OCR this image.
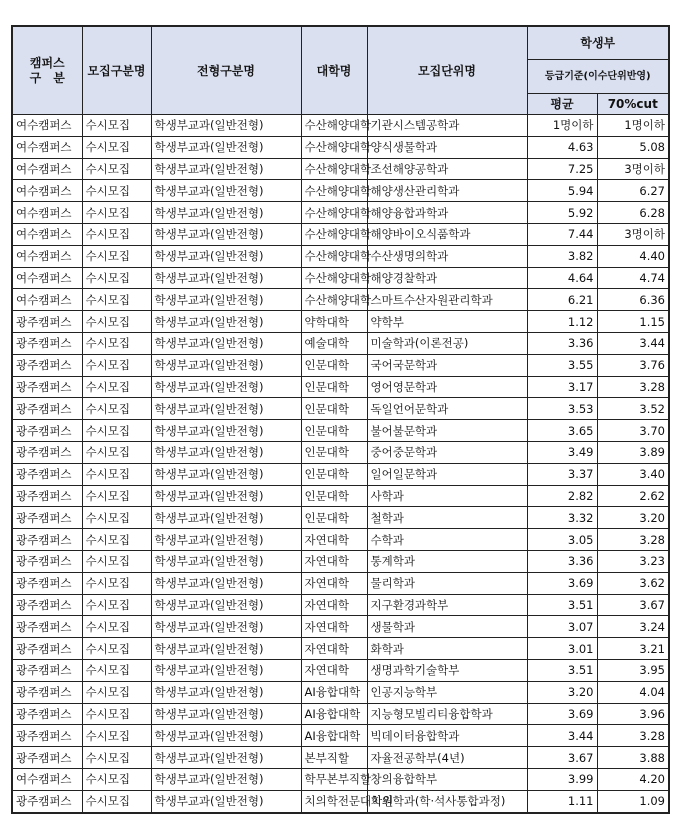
캠퍼스
구　분	모집구분명	전형구분명	대학명	모집단위명	학생부	
					등급기준(이수단위반영)	
					평균	70%cut
여수캠퍼스	수시모집	학생부교과(일반전형)	수산해양대학	기관시스템공학과	1명이하	1명이하
여수캠퍼스	수시모집	학생부교과(일반전형)	수산해양대학	양식생물학과	4.63	5.08
여수캠퍼스	수시모집	학생부교과(일반전형)	수산해양대학	조선해양공학과	7.25	3명이하
여수캠퍼스	수시모집	학생부교과(일반전형)	수산해양대학	해양생산관리학과	5.94	6.27
여수캠퍼스	수시모집	학생부교과(일반전형)	수산해양대학	해양융합과학과	5.92	6.28
여수캠퍼스	수시모집	학생부교과(일반전형)	수산해양대학	해양바이오식품학과	7.44	3명이하
여수캠퍼스	수시모집	학생부교과(일반전형)	수산해양대학	수산생명의학과	3.82	4.40
여수캠퍼스	수시모집	학생부교과(일반전형)	수산해양대학	해양경찰학과	4.64	4.74
여수캠퍼스	수시모집	학생부교과(일반전형)	수산해양대학	스마트수산자원관리학과	6.21	6.36
광주캠퍼스	수시모집	학생부교과(일반전형)	약학대학	약학부	1.12	1.15
광주캠퍼스	수시모집	학생부교과(일반전형)	예술대학	미술학과(이론전공)	3.36	3.44
광주캠퍼스	수시모집	학생부교과(일반전형)	인문대학	국어국문학과	3.55	3.76
광주캠퍼스	수시모집	학생부교과(일반전형)	인문대학	영어영문학과	3.17	3.28
광주캠퍼스	수시모집	학생부교과(일반전형)	인문대학	독일언어문학과	3.53	3.52
광주캠퍼스	수시모집	학생부교과(일반전형)	인문대학	불어불문학과	3.65	3.70
광주캠퍼스	수시모집	학생부교과(일반전형)	인문대학	중어중문학과	3.49	3.89
광주캠퍼스	수시모집	학생부교과(일반전형)	인문대학	일어일문학과	3.37	3.40
광주캠퍼스	수시모집	학생부교과(일반전형)	인문대학	사학과	2.82	2.62
광주캠퍼스	수시모집	학생부교과(일반전형)	인문대학	철학과	3.32	3.20
광주캠퍼스	수시모집	학생부교과(일반전형)	자연대학	수학과	3.05	3.28
광주캠퍼스	수시모집	학생부교과(일반전형)	자연대학	통계학과	3.36	3.23
광주캠퍼스	수시모집	학생부교과(일반전형)	자연대학	물리학과	3.69	3.62
광주캠퍼스	수시모집	학생부교과(일반전형)	자연대학	지구환경과학부	3.51	3.67
광주캠퍼스	수시모집	학생부교과(일반전형)	자연대학	생물학과	3.07	3.24
광주캠퍼스	수시모집	학생부교과(일반전형)	자연대학	화학과	3.01	3.21
광주캠퍼스	수시모집	학생부교과(일반전형)	자연대학	생명과학기술학부	3.51	3.95
광주캠퍼스	수시모집	학생부교과(일반전형)	AI융합대학	인공지능학부	3.20	4.04
광주캠퍼스	수시모집	학생부교과(일반전형)	AI융합대학	지능형모빌리티융합학과	3.69	3.96
광주캠퍼스	수시모집	학생부교과(일반전형)	AI융합대학	빅데이터융합학과	3.44	3.28
광주캠퍼스	수시모집	학생부교과(일반전형)	본부직할	자율전공학부(4년)	3.67	3.88
여수캠퍼스	수시모집	학생부교과(일반전형)	학무본부직할	창의융합학부	3.99	4.20
광주캠퍼스	수시모집	학생부교과(일반전형)	치의학전문대학원	치의학과(학·석사통합과정)	1.11	1.09
